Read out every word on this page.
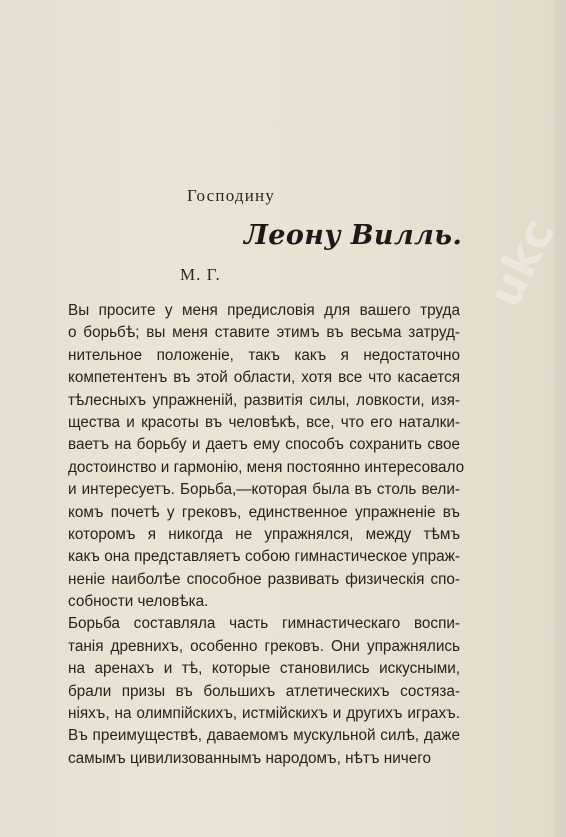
Господину
Леону Вилль.
М. Г.
Вы просите у меня предисловія для вашего труда
о борьбѣ; вы меня ставите этимъ въ весьма затруд-
нительное положеніе, такъ какъ я недостаточно
компетентенъ въ этой области, хотя все что касается
тѣлесныхъ упражненій, развитія силы, ловкости, изя-
щества и красоты въ человѣкѣ, все, что его наталки-
ваетъ на борьбу и даетъ ему способъ сохранить свое
достоинство и гармонію, меня постоянно интересовало
и интересуетъ. Борьба,—которая была въ столь вели-
комъ почетѣ у грековъ, единственное упражненіе въ
которомъ я никогда не упражнялся, между тѣмъ
какъ она представляетъ собою гимнастическое упраж-
неніе наиболѣе способное развивать физическія спо-
собности человѣка.
Борьба составляла часть гимнастическаго воспи-
танія древнихъ, особенно грековъ. Они упражнялись
на аренахъ и тѣ, которые становились искусными,
брали призы въ большихъ атлетическихъ состяза-
ніяхъ, на олимпійскихъ, истмійскихъ и другихъ играхъ.
Въ преимуществѣ, даваемомъ мускульной силѣ, даже
самымъ цивилизованнымъ народомъ, нѣтъ ничего
ukc
